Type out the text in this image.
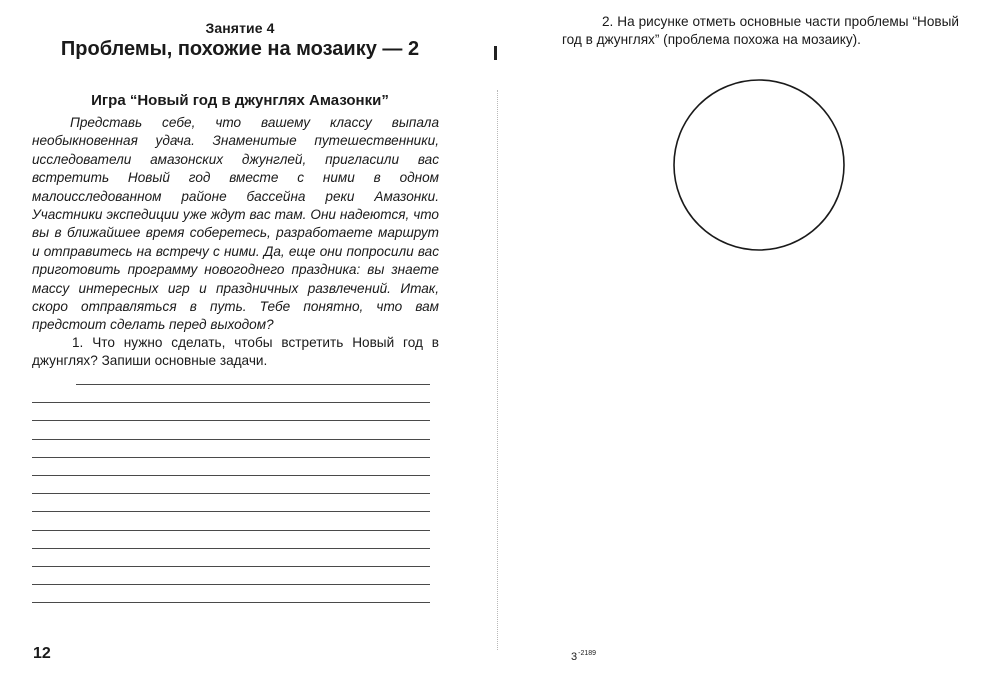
Занятие 4
Проблемы, похожие на мозаику — 2
Игра “Новый год в джунглях Амазонки”

Представь себе, что вашему классу выпала необыкновенная удача. Знаменитые путешественники, исследователи амазонских джунглей, пригласили вас встретить Новый год вместе с ними в одном малоисследованном районе бассейна реки Амазонки. Участники экспедиции уже ждут вас там. Они надеются, что вы в ближайшее время соберетесь, разработаете маршрут и отправитесь на встречу с ними. Да, еще они попросили вас приготовить программу новогоднего праздника: вы знаете массу интересных игр и праздничных развлечений. Итак, скоро отправляться в путь. Тебе понятно, что вам предстоит сделать перед выходом?

1. Что нужно сделать, чтобы встретить Новый год в джунглях? Запиши основные задачи.

12

2. На рисунке отметь основные части проблемы “Новый год в джунглях” (проблема похожа на мозаику).

$3^{-2189}$
